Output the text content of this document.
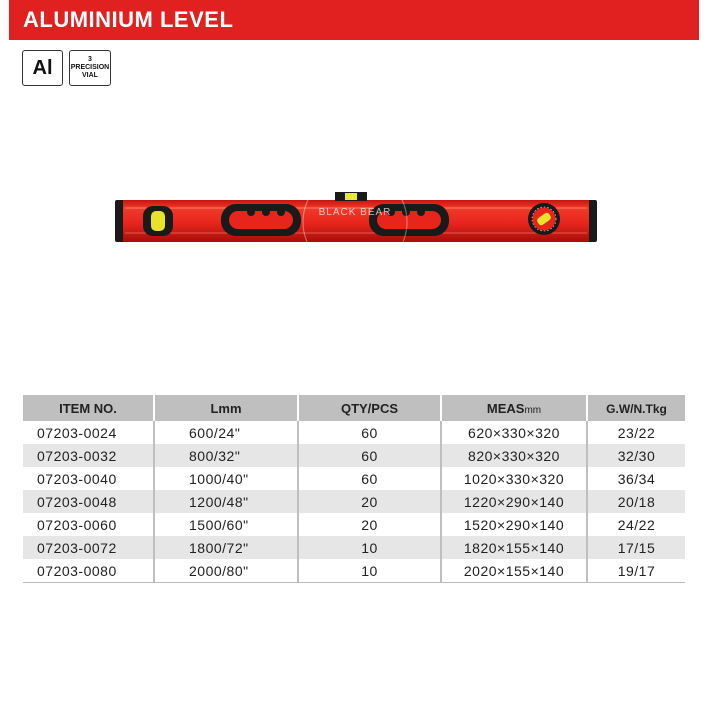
ALUMINIUM LEVEL
Al	3
PRECISION
VIAL
BLACK BEAR
ITEM NO.	Lmm	QTY/PCS	MEASmm	G.W/N.Tkg
07203-0024	600/24"	60	620×330×320	23/22
07203-0032	800/32"	60	820×330×320	32/30
07203-0040	1000/40"	60	1020×330×320	36/34
07203-0048	1200/48"	20	1220×290×140	20/18
07203-0060	1500/60"	20	1520×290×140	24/22
07203-0072	1800/72"	10	1820×155×140	17/15
07203-0080	2000/80"	10	2020×155×140	19/17
